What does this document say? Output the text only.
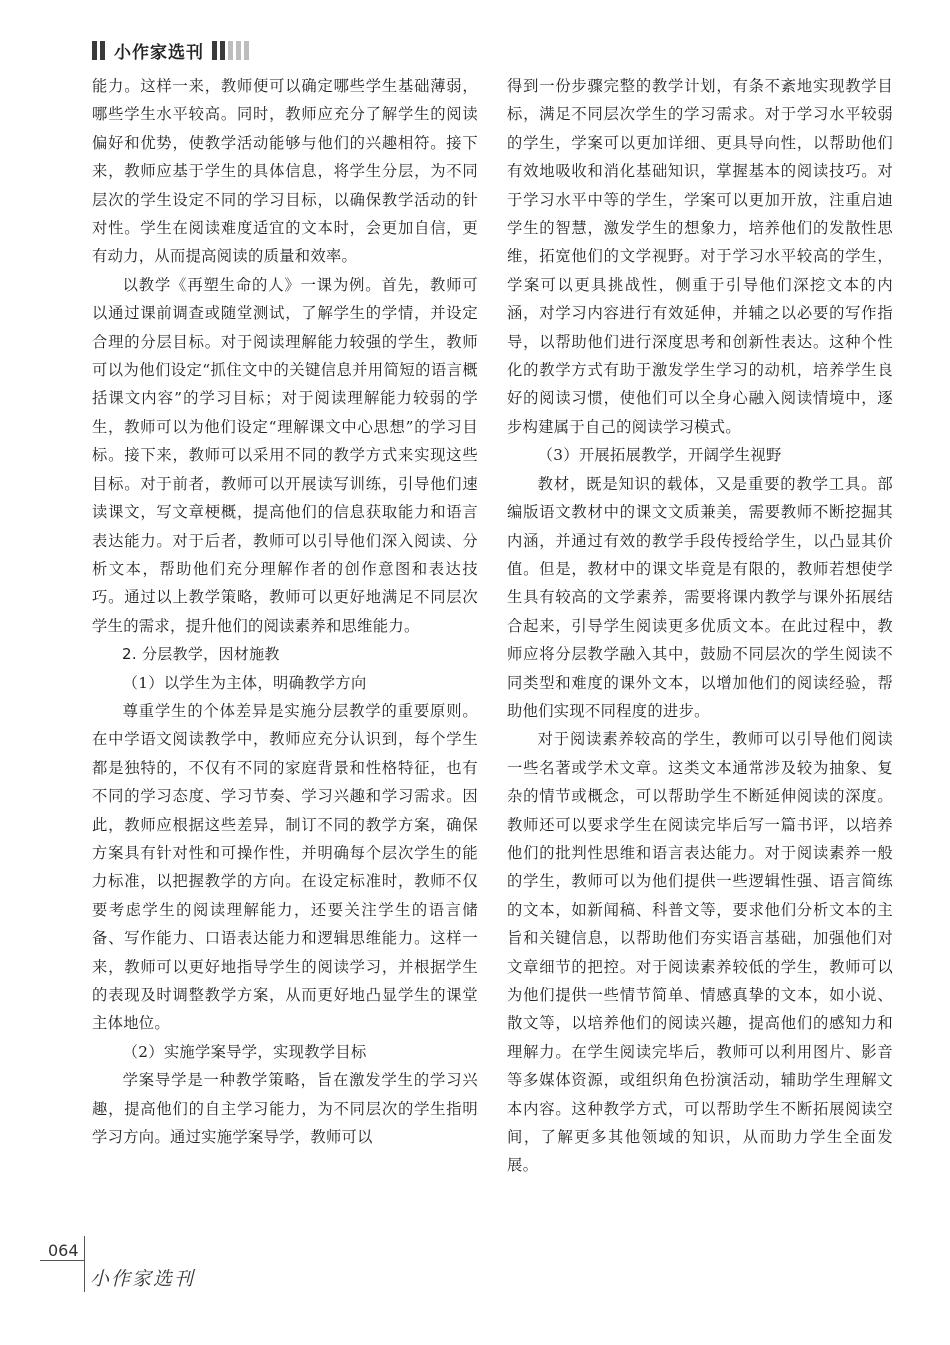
小作家选刊

能力。这样一来，教师便可以确定哪些学生基础薄弱，哪些学生水平较高。同时，教师应充分了解学生的阅读偏好和优势，使教学活动能够与他们的兴趣相符。接下来，教师应基于学生的具体信息，将学生分层，为不同层次的学生设定不同的学习目标，以确保教学活动的针对性。学生在阅读难度适宜的文本时，会更加自信，更有动力，从而提高阅读的质量和效率。

以教学《再塑生命的人》一课为例。首先，教师可以通过课前调查或随堂测试，了解学生的学情，并设定合理的分层目标。对于阅读理解能力较强的学生，教师可以为他们设定“抓住文中的关键信息并用简短的语言概括课文内容”的学习目标；对于阅读理解能力较弱的学生，教师可以为他们设定“理解课文中心思想”的学习目标。接下来，教师可以采用不同的教学方式来实现这些目标。对于前者，教师可以开展读写训练，引导他们速读课文，写文章梗概，提高他们的信息获取能力和语言表达能力。对于后者，教师可以引导他们深入阅读、分析文本，帮助他们充分理解作者的创作意图和表达技巧。通过以上教学策略，教师可以更好地满足不同层次学生的需求，提升他们的阅读素养和思维能力。

2. 分层教学，因材施教

（1）以学生为主体，明确教学方向

尊重学生的个体差异是实施分层教学的重要原则。在中学语文阅读教学中，教师应充分认识到，每个学生都是独特的，不仅有不同的家庭背景和性格特征，也有不同的学习态度、学习节奏、学习兴趣和学习需求。因此，教师应根据这些差异，制订不同的教学方案，确保方案具有针对性和可操作性，并明确每个层次学生的能力标准，以把握教学的方向。在设定标准时，教师不仅要考虑学生的阅读理解能力，还要关注学生的语言储备、写作能力、口语表达能力和逻辑思维能力。这样一来，教师可以更好地指导学生的阅读学习，并根据学生的表现及时调整教学方案，从而更好地凸显学生的课堂主体地位。

（2）实施学案导学，实现教学目标

学案导学是一种教学策略，旨在激发学生的学习兴趣，提高他们的自主学习能力，为不同层次的学生指明学习方向。通过实施学案导学，教师可以

得到一份步骤完整的教学计划，有条不紊地实现教学目标，满足不同层次学生的学习需求。对于学习水平较弱的学生，学案可以更加详细、更具导向性，以帮助他们有效地吸收和消化基础知识，掌握基本的阅读技巧。对于学习水平中等的学生，学案可以更加开放，注重启迪学生的智慧，激发学生的想象力，培养他们的发散性思维，拓宽他们的文学视野。对于学习水平较高的学生，学案可以更具挑战性，侧重于引导他们深挖文本的内涵，对学习内容进行有效延伸，并辅之以必要的写作指导，以帮助他们进行深度思考和创新性表达。这种个性化的教学方式有助于激发学生学习的动机，培养学生良好的阅读习惯，使他们可以全身心融入阅读情境中，逐步构建属于自己的阅读学习模式。

（3）开展拓展教学，开阔学生视野

教材，既是知识的载体，又是重要的教学工具。部编版语文教材中的课文文质兼美，需要教师不断挖掘其内涵，并通过有效的教学手段传授给学生，以凸显其价值。但是，教材中的课文毕竟是有限的，教师若想使学生具有较高的文学素养，需要将课内教学与课外拓展结合起来，引导学生阅读更多优质文本。在此过程中，教师应将分层教学融入其中，鼓励不同层次的学生阅读不同类型和难度的课外文本，以增加他们的阅读经验，帮助他们实现不同程度的进步。

对于阅读素养较高的学生，教师可以引导他们阅读一些名著或学术文章。这类文本通常涉及较为抽象、复杂的情节或概念，可以帮助学生不断延伸阅读的深度。教师还可以要求学生在阅读完毕后写一篇书评，以培养他们的批判性思维和语言表达能力。对于阅读素养一般的学生，教师可以为他们提供一些逻辑性强、语言简练的文本，如新闻稿、科普文等，要求他们分析文本的主旨和关键信息，以帮助他们夯实语言基础，加强他们对文章细节的把控。对于阅读素养较低的学生，教师可以为他们提供一些情节简单、情感真挚的文本，如小说、散文等，以培养他们的阅读兴趣，提高他们的感知力和理解力。在学生阅读完毕后，教师可以利用图片、影音等多媒体资源，或组织角色扮演活动，辅助学生理解文本内容。这种教学方式，可以帮助学生不断拓展阅读空间，了解更多其他领域的知识，从而助力学生全面发展。

064
小作家选刊
